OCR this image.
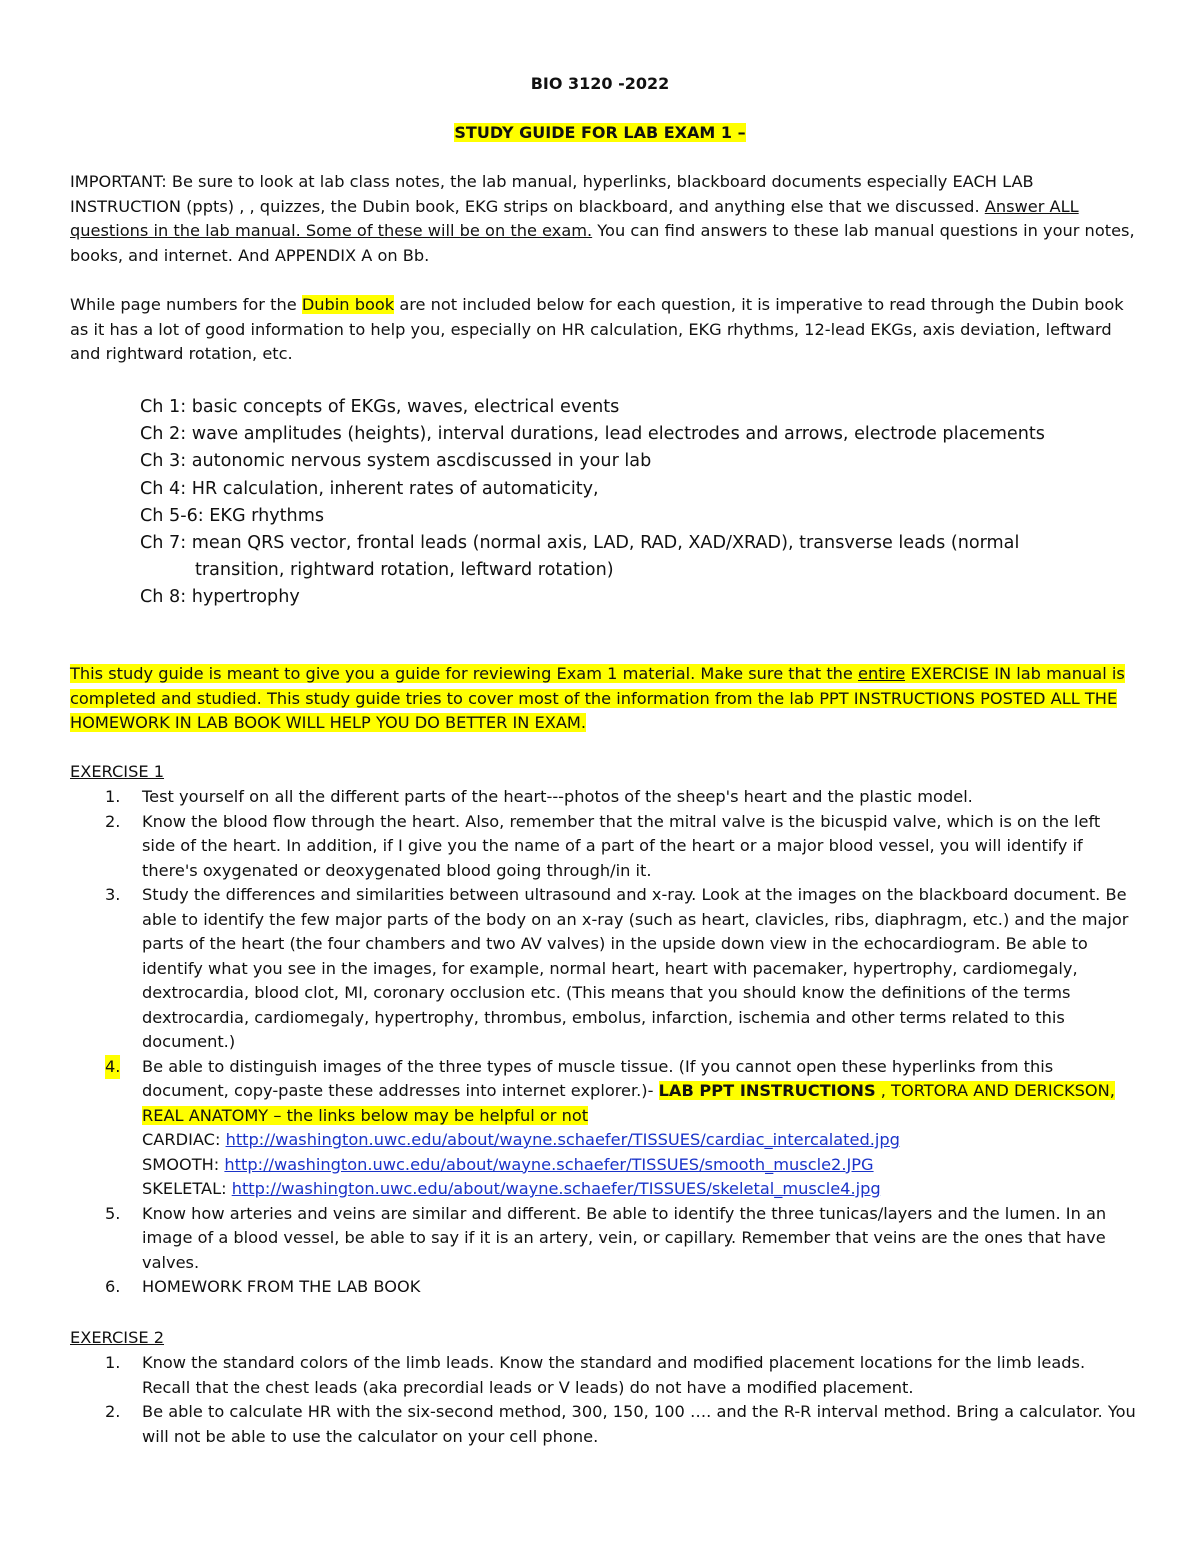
BIO 3120 -2022
STUDY GUIDE FOR LAB EXAM 1 –
IMPORTANT: Be sure to look at lab class notes, the lab manual, hyperlinks, blackboard documents especially EACH LAB INSTRUCTION (ppts) , , quizzes, the Dubin book, EKG strips on blackboard, and anything else that we discussed. Answer ALL questions in the lab manual. Some of these will be on the exam. You can find answers to these lab manual questions in your notes, books, and internet. And APPENDIX A on Bb.
While page numbers for the Dubin book are not included below for each question, it is imperative to read through the Dubin book as it has a lot of good information to help you, especially on HR calculation, EKG rhythms, 12-lead EKGs, axis deviation, leftward and rightward rotation, etc.
Ch 1: basic concepts of EKGs, waves, electrical events
Ch 2: wave amplitudes (heights), interval durations, lead electrodes and arrows, electrode placements
Ch 3: autonomic nervous system ascdiscussed in your lab
Ch 4: HR calculation, inherent rates of automaticity,
Ch 5-6: EKG rhythms
Ch 7: mean QRS vector, frontal leads (normal axis, LAD, RAD, XAD/XRAD), transverse leads (normal
transition, rightward rotation, leftward rotation)
Ch 8: hypertrophy
This study guide is meant to give you a guide for reviewing Exam 1 material. Make sure that the entire EXERCISE IN lab manual is completed and studied. This study guide tries to cover most of the information from the lab PPT INSTRUCTIONS POSTED ALL THE HOMEWORK IN LAB BOOK WILL HELP YOU DO BETTER IN EXAM.
EXERCISE 1
1. Test yourself on all the different parts of the heart---photos of the sheep's heart and the plastic model.
2. Know the blood flow through the heart. Also, remember that the mitral valve is the bicuspid valve, which is on the left side of the heart. In addition, if I give you the name of a part of the heart or a major blood vessel, you will identify if there's oxygenated or deoxygenated blood going through/in it.
3. Study the differences and similarities between ultrasound and x-ray. Look at the images on the blackboard document. Be able to identify the few major parts of the body on an x-ray (such as heart, clavicles, ribs, diaphragm, etc.) and the major parts of the heart (the four chambers and two AV valves) in the upside down view in the echocardiogram. Be able to identify what you see in the images, for example, normal heart, heart with pacemaker, hypertrophy, cardiomegaly, dextrocardia, blood clot, MI, coronary occlusion etc. (This means that you should know the definitions of the terms dextrocardia, cardiomegaly, hypertrophy, thrombus, embolus, infarction, ischemia and other terms related to this document.)
4. Be able to distinguish images of the three types of muscle tissue. (If you cannot open these hyperlinks from this document, copy-paste these addresses into internet explorer.)- LAB PPT INSTRUCTIONS , TORTORA AND DERICKSON, REAL ANATOMY – the links below may be helpful or not
CARDIAC: http://washington.uwc.edu/about/wayne.schaefer/TISSUES/cardiac_intercalated.jpg
SMOOTH: http://washington.uwc.edu/about/wayne.schaefer/TISSUES/smooth_muscle2.JPG
SKELETAL: http://washington.uwc.edu/about/wayne.schaefer/TISSUES/skeletal_muscle4.jpg
5. Know how arteries and veins are similar and different. Be able to identify the three tunicas/layers and the lumen. In an image of a blood vessel, be able to say if it is an artery, vein, or capillary. Remember that veins are the ones that have valves.
6. HOMEWORK FROM THE LAB BOOK
EXERCISE 2
1. Know the standard colors of the limb leads. Know the standard and modified placement locations for the limb leads. Recall that the chest leads (aka precordial leads or V leads) do not have a modified placement.
2. Be able to calculate HR with the six-second method, 300, 150, 100 …. and the R-R interval method. Bring a calculator. You will not be able to use the calculator on your cell phone.
